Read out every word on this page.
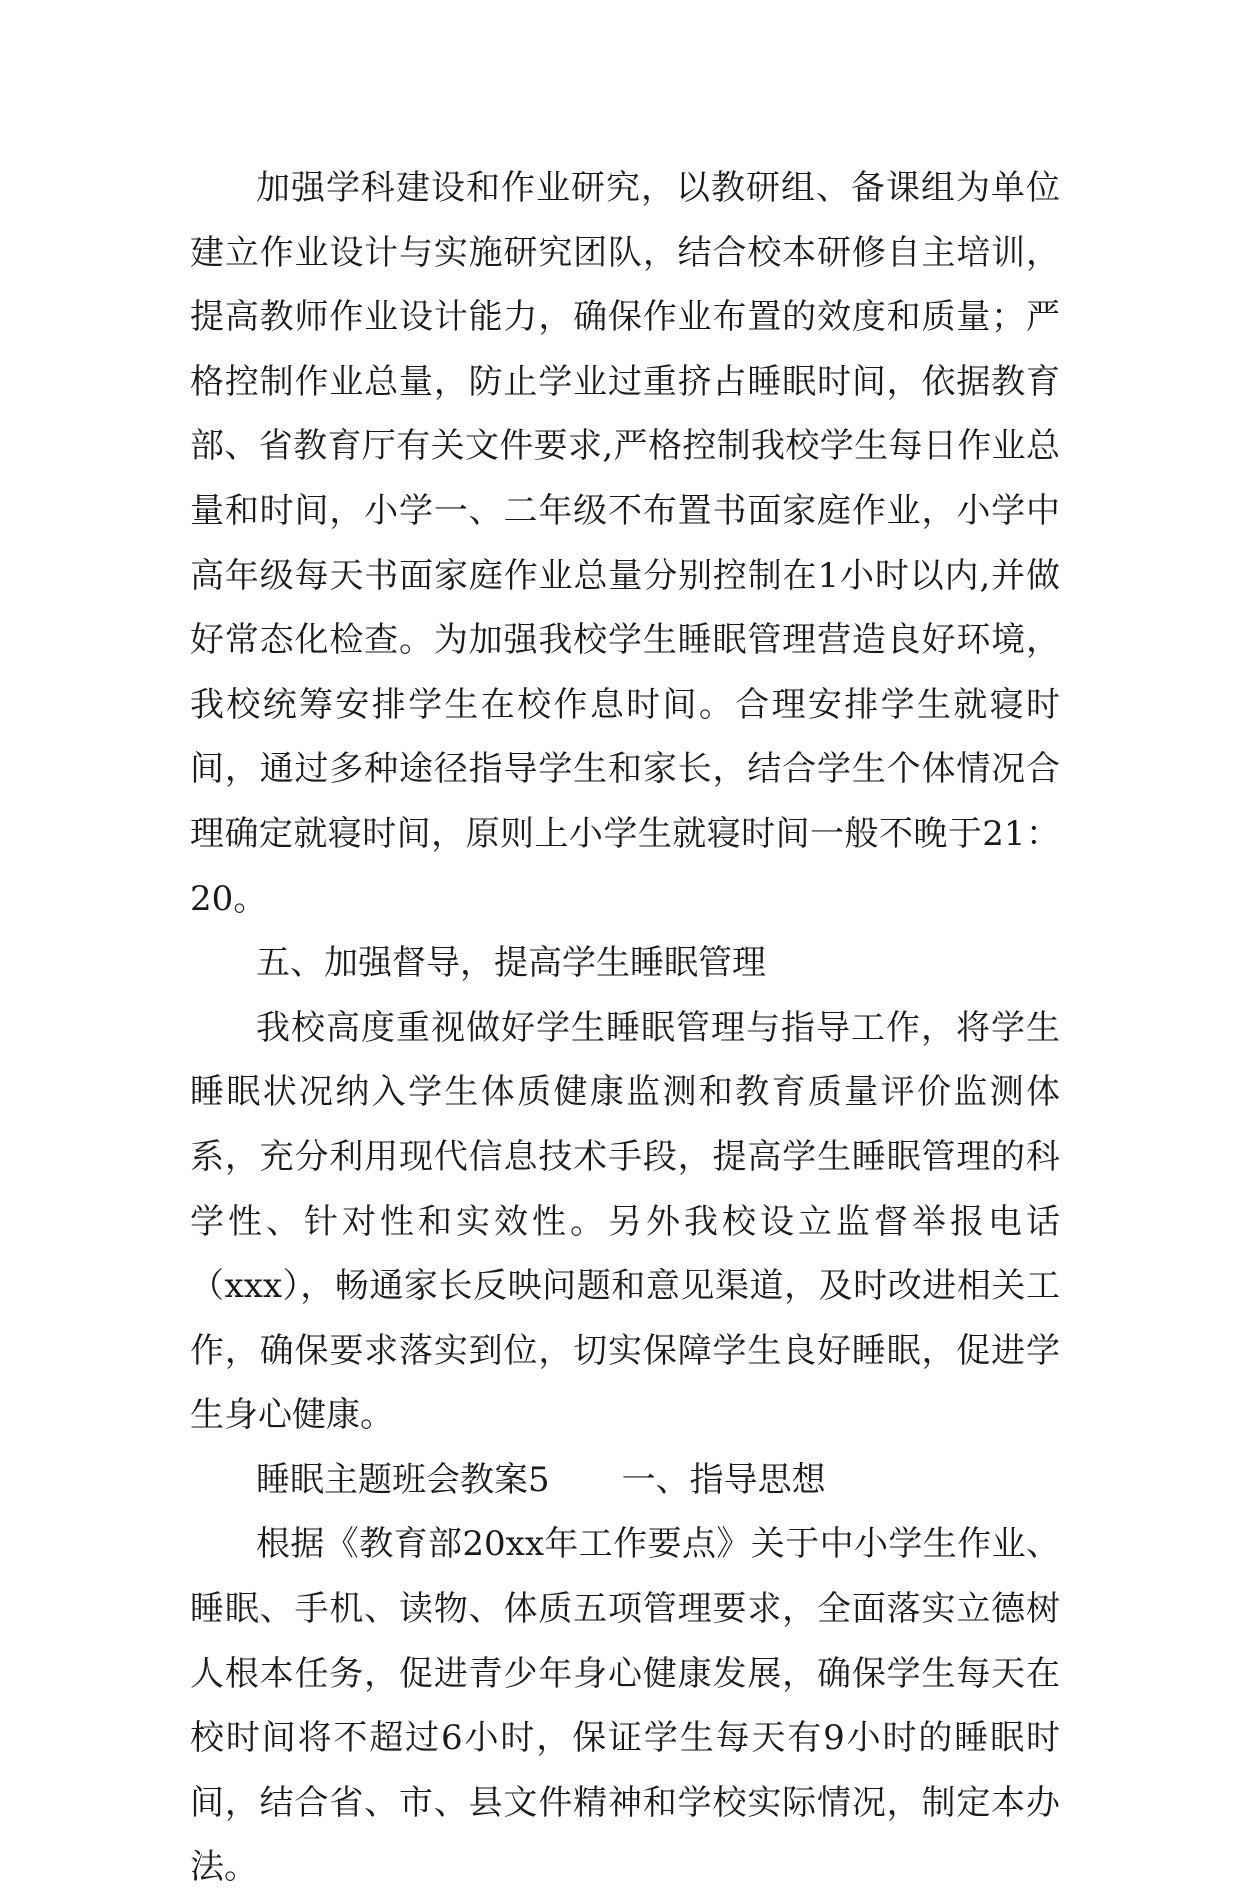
加强学科建设和作业研究，以教研组、备课组为单位建立作业设计与实施研究团队，结合校本研修自主培训，提高教师作业设计能力，确保作业布置的效度和质量；严格控制作业总量，防止学业过重挤占睡眠时间，依据教育部、省教育厅有关文件要求,严格控制我校学生每日作业总量和时间，小学一、二年级不布置书面家庭作业，小学中高年级每天书面家庭作业总量分别控制在1小时以内,并做好常态化检查。为加强我校学生睡眠管理营造良好环境，我校统筹安排学生在校作息时间。合理安排学生就寝时间，通过多种途径指导学生和家长，结合学生个体情况合理确定就寝时间，原则上小学生就寝时间一般不晚于21：20。

五、加强督导，提高学生睡眠管理

我校高度重视做好学生睡眠管理与指导工作，将学生睡眠状况纳入学生体质健康监测和教育质量评价监测体系，充分利用现代信息技术手段，提高学生睡眠管理的科学性、针对性和实效性。另外我校设立监督举报电话（xxx），畅通家长反映问题和意见渠道，及时改进相关工作，确保要求落实到位，切实保障学生良好睡眠，促进学生身心健康。

睡眠主题班会教案5 一、指导思想

根据《教育部20xx年工作要点》关于中小学生作业、睡眠、手机、读物、体质五项管理要求，全面落实立德树人根本任务，促进青少年身心健康发展，确保学生每天在校时间将不超过6小时，保证学生每天有9小时的睡眠时间，结合省、市、县文件精神和学校实际情况，制定本办法。
